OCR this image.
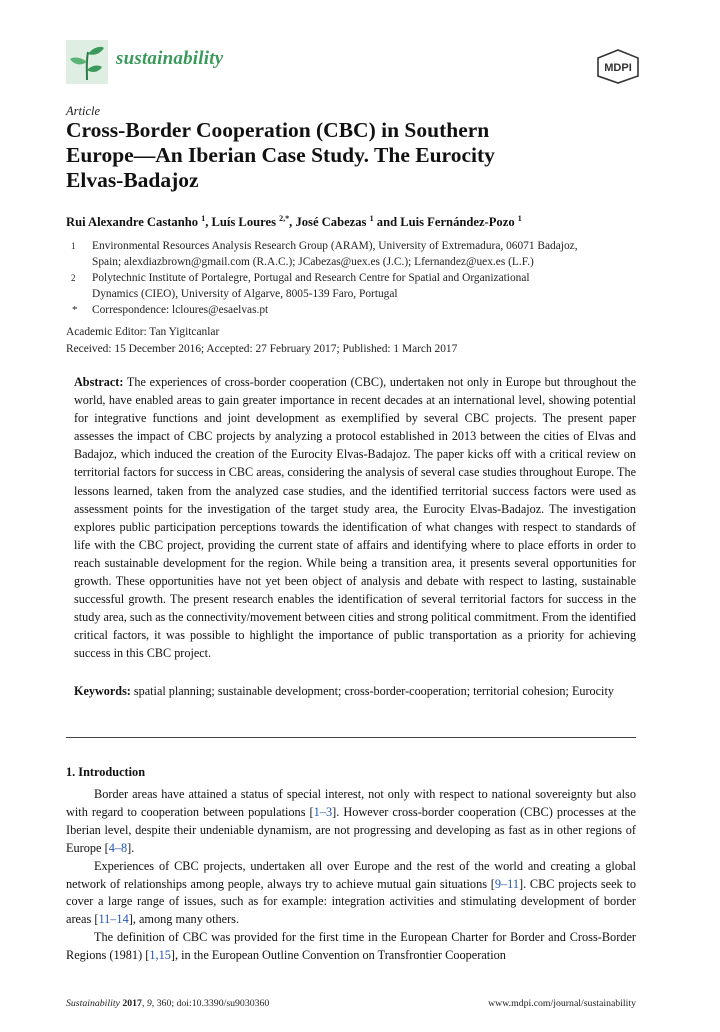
sustainability	MDPI
Article
Cross-Border Cooperation (CBC) in Southern
Europe—An Iberian Case Study. The Eurocity
Elvas-Badajoz
Rui Alexandre Castanho $^1$, Luís Loures $^{2,*}$, José Cabezas $^1$ and Luis Fernández-Pozo $^1$
1 Environmental Resources Analysis Research Group (ARAM), University of Extremadura, 06071 Badajoz,
Spain; alexdiazbrown@gmail.com (R.A.C.); JCabezas@uex.es (J.C.); Lfernandez@uex.es (L.F.)
2 Polytechnic Institute of Portalegre, Portugal and Research Centre for Spatial and Organizational
Dynamics (CIEO), University of Algarve, 8005-139 Faro, Portugal
* Correspondence: lcloures@esaelvas.pt
Academic Editor: Tan Yigitcanlar
Received: 15 December 2016; Accepted: 27 February 2017; Published: 1 March 2017
Abstract: The experiences of cross-border cooperation (CBC), undertaken not only in Europe but throughout the world, have enabled areas to gain greater importance in recent decades at an international level, showing potential for integrative functions and joint development as exemplified by several CBC projects. The present paper assesses the impact of CBC projects by analyzing a protocol established in 2013 between the cities of Elvas and Badajoz, which induced the creation of the Eurocity Elvas-Badajoz. The paper kicks off with a critical review on territorial factors for success in CBC areas, considering the analysis of several case studies throughout Europe. The lessons learned, taken from the analyzed case studies, and the identified territorial success factors were used as assessment points for the investigation of the target study area, the Eurocity Elvas-Badajoz. The investigation explores public participation perceptions towards the identification of what changes with respect to standards of life with the CBC project, providing the current state of affairs and identifying where to place efforts in order to reach sustainable development for the region. While being a transition area, it presents several opportunities for growth. These opportunities have not yet been object of analysis and debate with respect to lasting, sustainable successful growth. The present research enables the identification of several territorial factors for success in the study area, such as the connectivity/movement between cities and strong political commitment. From the identified critical factors, it was possible to highlight the importance of public transportation as a priority for achieving success in this CBC project.
Keywords: spatial planning; sustainable development; cross-border-cooperation; territorial cohesion; Eurocity
1. Introduction

Border areas have attained a status of special interest, not only with respect to national sovereignty but also with regard to cooperation between populations [1–3]. However cross-border cooperation (CBC) processes at the Iberian level, despite their undeniable dynamism, are not progressing and developing as fast as in other regions of Europe [4–8].

Experiences of CBC projects, undertaken all over Europe and the rest of the world and creating a global network of relationships among people, always try to achieve mutual gain situations [9–11]. CBC projects seek to cover a large range of issues, such as for example: integration activities and stimulating development of border areas [11–14], among many others.

The definition of CBC was provided for the first time in the European Charter for Border and Cross-Border Regions (1981) [1,15], in the European Outline Convention on Transfrontier Cooperation

Sustainability 2017, 9, 360; doi:10.3390/su9030360	www.mdpi.com/journal/sustainability
